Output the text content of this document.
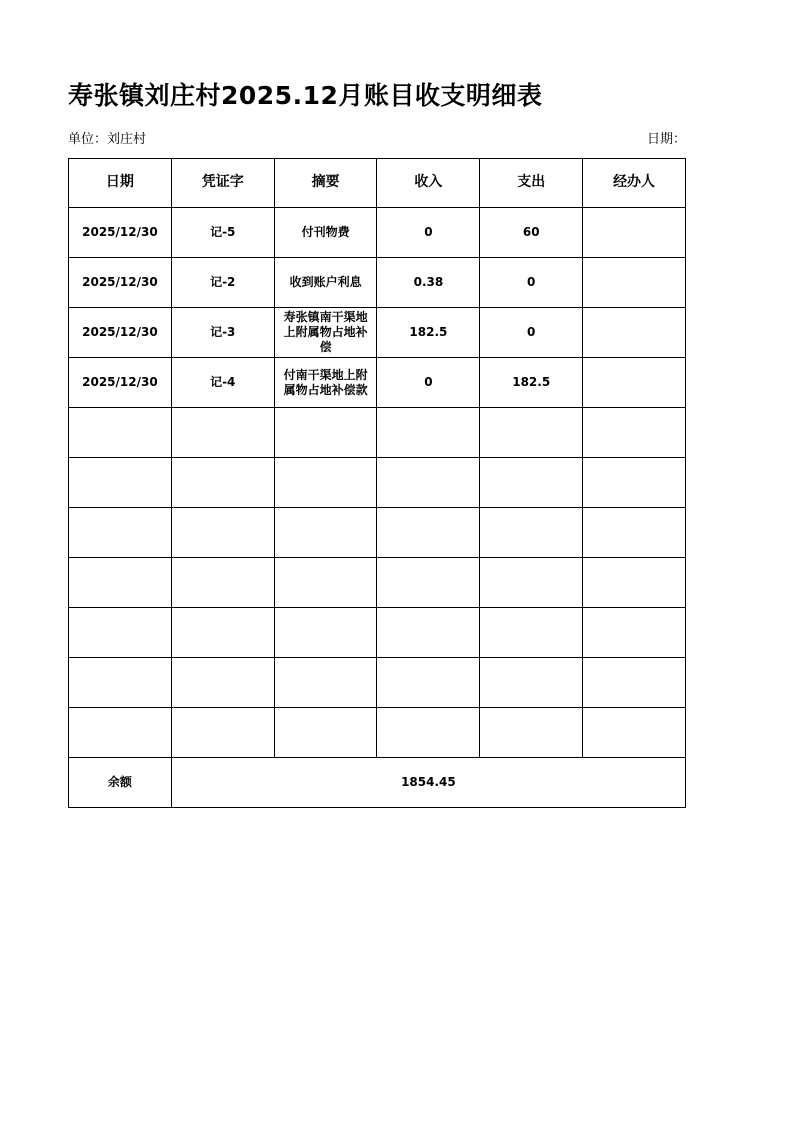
寿张镇刘庄村2025.12月账目收支明细表
单位：刘庄村	日期：
日期	凭证字	摘要	收入	支出	经办人
2025/12/30	记-5	付刊物费	0	60	
2025/12/30	记-2	收到账户利息	0.38	0	
2025/12/30	记-3	寿张镇南干渠地上附属物占地补偿	182.5	0	
2025/12/30	记-4	付南干渠地上附属物占地补偿款	0	182.5	

余额	1854.45				
